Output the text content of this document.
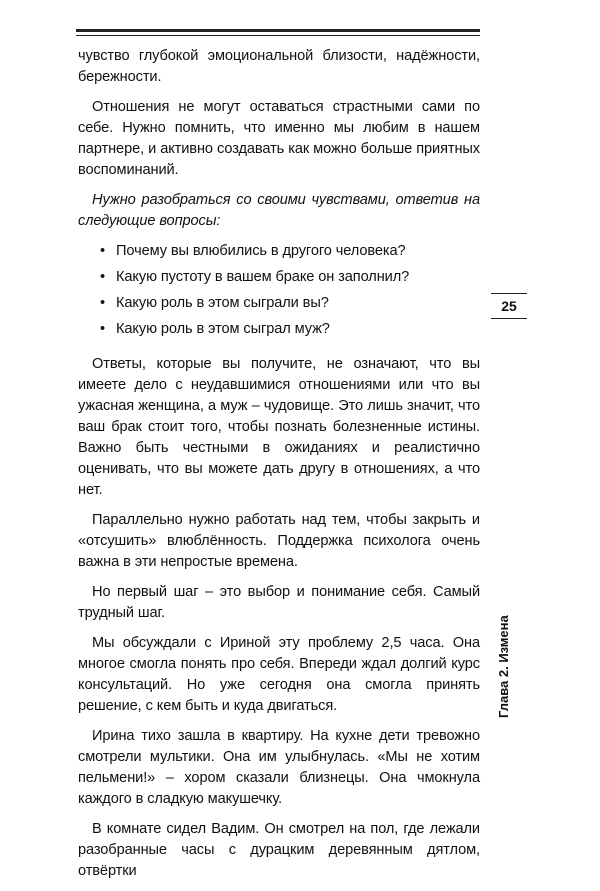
чувство глубокой эмоциональной близости, надёжности, бережности.

Отношения не могут оставаться страстными сами по себе. Нужно помнить, что именно мы любим в нашем партнере, и активно создавать как можно больше приятных воспоминаний.

Нужно разобраться со своими чувствами, ответив на следующие вопросы:

• Почему вы влюбились в другого человека?
• Какую пустоту в вашем браке он заполнил?
• Какую роль в этом сыграли вы?
• Какую роль в этом сыграл муж?

Ответы, которые вы получите, не означают, что вы имеете дело с неудавшимися отношениями или что вы ужасная женщина, а муж – чудовище. Это лишь значит, что ваш брак стоит того, чтобы познать болезненные истины. Важно быть честными в ожиданиях и реалистично оценивать, что вы можете дать другу в отношениях, а что нет.

Параллельно нужно работать над тем, чтобы закрыть и «отсушить» влюблённость. Поддержка психолога очень важна в эти непростые времена.

Но первый шаг – это выбор и понимание себя. Самый трудный шаг.

Мы обсуждали с Ириной эту проблему 2,5 часа. Она многое смогла понять про себя. Впереди ждал долгий курс консультаций. Но уже сегодня она смогла принять решение, с кем быть и куда двигаться.

Ирина тихо зашла в квартиру. На кухне дети тревожно смотрели мультики. Она им улыбнулась. «Мы не хотим пельмени!» – хором сказали близнецы. Она чмокнула каждого в сладкую макушечку.

В комнате сидел Вадим. Он смотрел на пол, где лежали разобранные часы с дурацким деревянным дятлом, отвёртки

25
Глава 2. Измена
